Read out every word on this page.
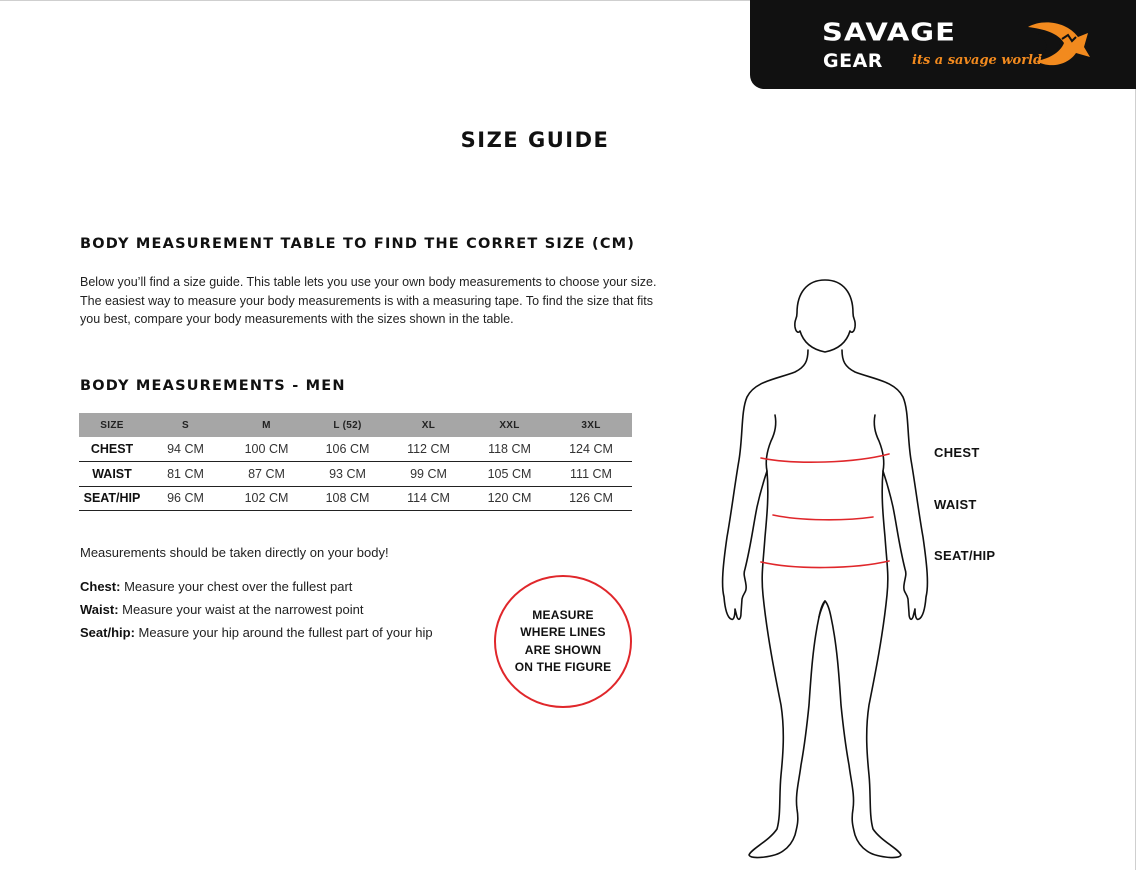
SAVAGE
GEAR its a savage world
SIZE GUIDE
BODY MEASUREMENT TABLE TO FIND THE CORRET SIZE (CM)
Below you’ll find a size guide. This table lets you use your own body measurements to choose your size.
The easiest way to measure your body measurements is with a measuring tape. To find the size that fits
you best, compare your body measurements with the sizes shown in the table.
BODY MEASUREMENTS - MEN
SIZE	S	M	L (52)	XL	XXL	3XL
CHEST	94 CM	100 CM	106 CM	112 CM	118 CM	124 CM
WAIST	81 CM	87 CM	93 CM	99 CM	105 CM	111 CM
SEAT/HIP	96 CM	102 CM	108 CM	114 CM	120 CM	126 CM
Measurements should be taken directly on your body!
Chest: Measure your chest over the fullest part
Waist: Measure your waist at the narrowest point
Seat/hip: Measure your hip around the fullest part of your hip
MEASURE
WHERE LINES
ARE SHOWN
ON THE FIGURE
CHEST
WAIST
SEAT/HIP
